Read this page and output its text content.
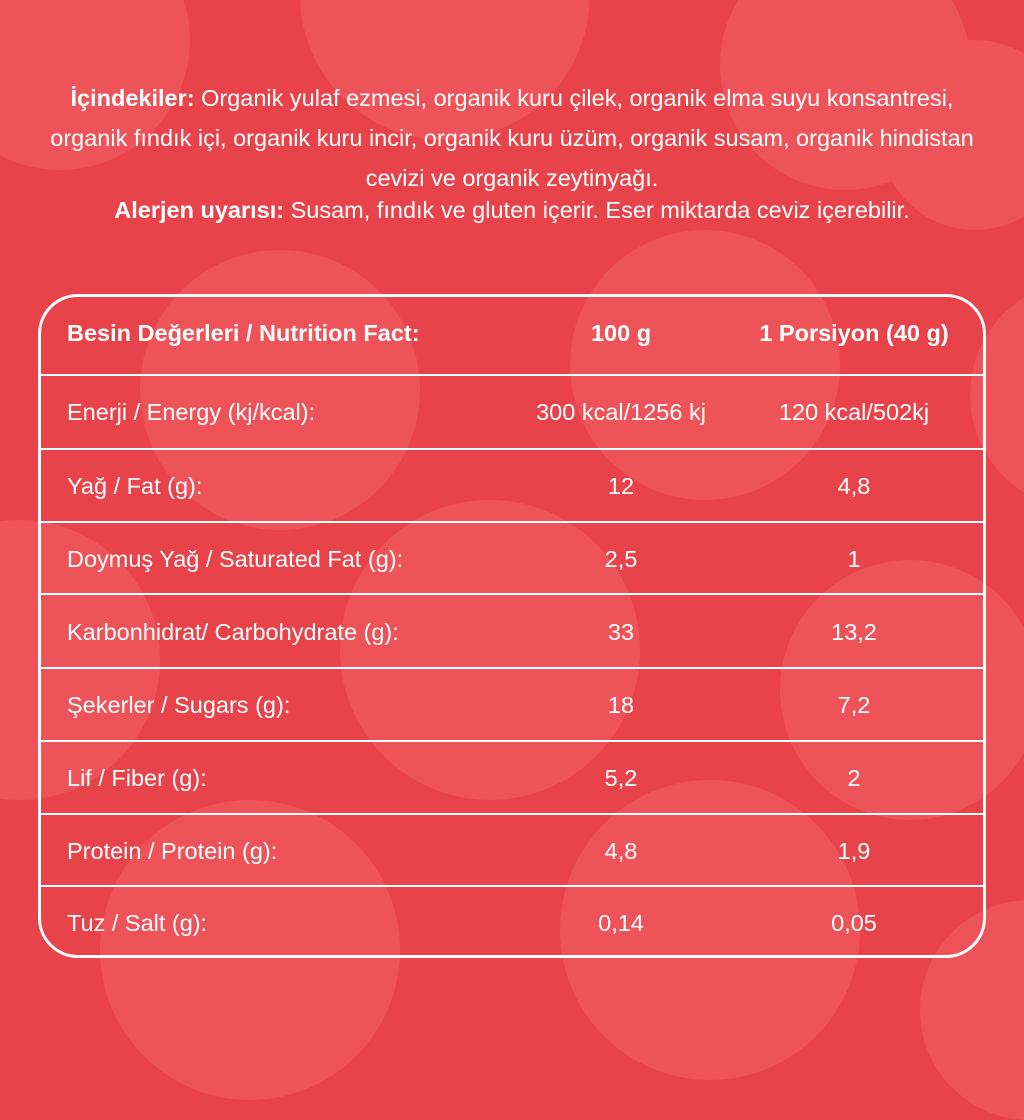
İçindekiler: Organik yulaf ezmesi, organik kuru çilek, organik elma suyu konsantresi, organik fındık içi, organik kuru incir, organik kuru üzüm, organik susam, organik hindistan cevizi ve organik zeytinyağı.
Alerjen uyarısı: Susam, fındık ve gluten içerir. Eser miktarda ceviz içerebilir.
Besin Değerleri / Nutrition Fact:	100 g	1 Porsiyon (40 g)
Enerji / Energy (kj/kcal):	300 kcal/1256 kj	120 kcal/502kj
Yağ / Fat (g):	12	4,8
Doymuş Yağ / Saturated Fat (g):	2,5	1
Karbonhidrat/ Carbohydrate (g):	33	13,2
Şekerler / Sugars (g):	18	7,2
Lif / Fiber (g):	5,2	2
Protein / Protein (g):	4,8	1,9
Tuz / Salt (g):	0,14	0,05
